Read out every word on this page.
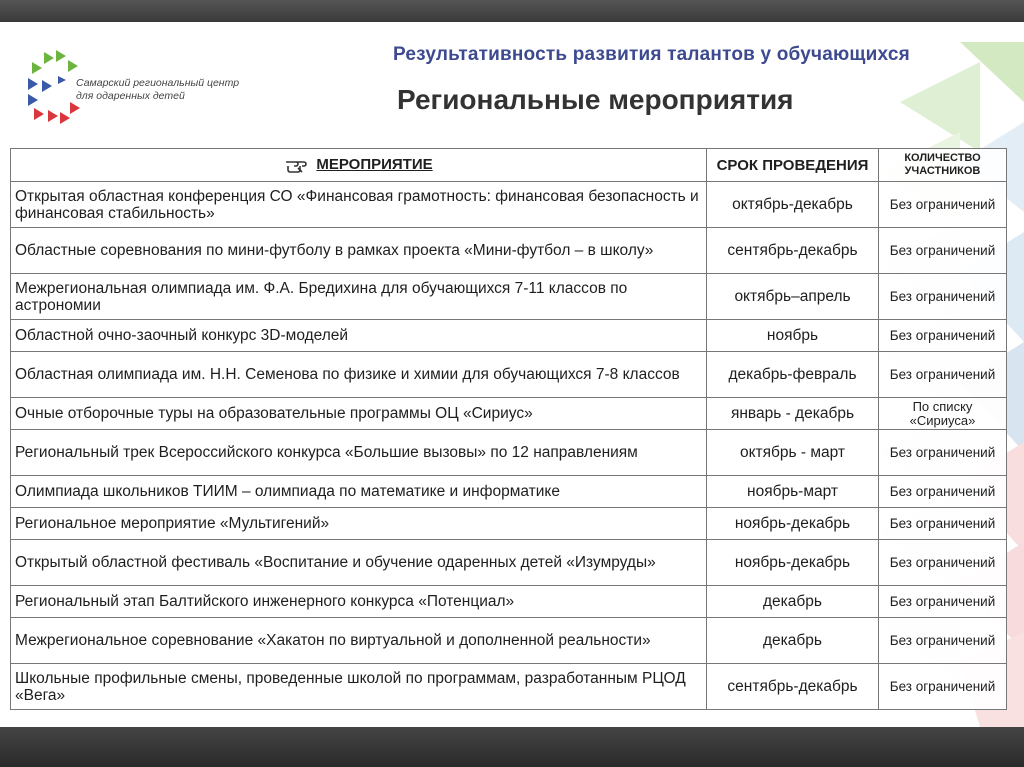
Самарский региональный центр
для одаренных детей
Результативность развития талантов у обучающихся
Региональные мероприятия
МЕРОПРИЯТИЕ	СРОК ПРОВЕДЕНИЯ	КОЛИЧЕСТВО УЧАСТНИКОВ
Открытая областная конференция СО «Финансовая грамотность: финансовая безопасность и финансовая стабильность»	октябрь-декабрь	Без ограничений
Областные соревнования по мини-футболу в рамках проекта «Мини-футбол – в школу»	сентябрь-декабрь	Без ограничений
Межрегиональная олимпиада им. Ф.А. Бредихина для обучающихся 7-11 классов по астрономии	октябрь–апрель	Без ограничений
Областной очно-заочный конкурс 3D-моделей	ноябрь	Без ограничений
Областная олимпиада им. Н.Н. Семенова по физике и химии для обучающихся 7-8 классов	декабрь-февраль	Без ограничений
Очные отборочные туры на образовательные программы ОЦ «Сириус»	январь - декабрь	По списку «Сириуса»
Региональный трек Всероссийского конкурса «Большие вызовы» по 12 направлениям	октябрь - март	Без ограничений
Олимпиада школьников ТИИМ – олимпиада по математике и информатике	ноябрь-март	Без ограничений
Региональное мероприятие «Мультигений»	ноябрь-декабрь	Без ограничений
Открытый областной фестиваль «Воспитание и обучение одаренных детей «Изумруды»	ноябрь-декабрь	Без ограничений
Региональный этап Балтийского инженерного конкурса «Потенциал»	декабрь	Без ограничений
Межрегиональное соревнование «Хакатон по виртуальной и дополненной реальности»	декабрь	Без ограничений
Школьные профильные смены, проведенные школой по программам, разработанным РЦОД «Вега»	сентябрь-декабрь	Без ограничений
